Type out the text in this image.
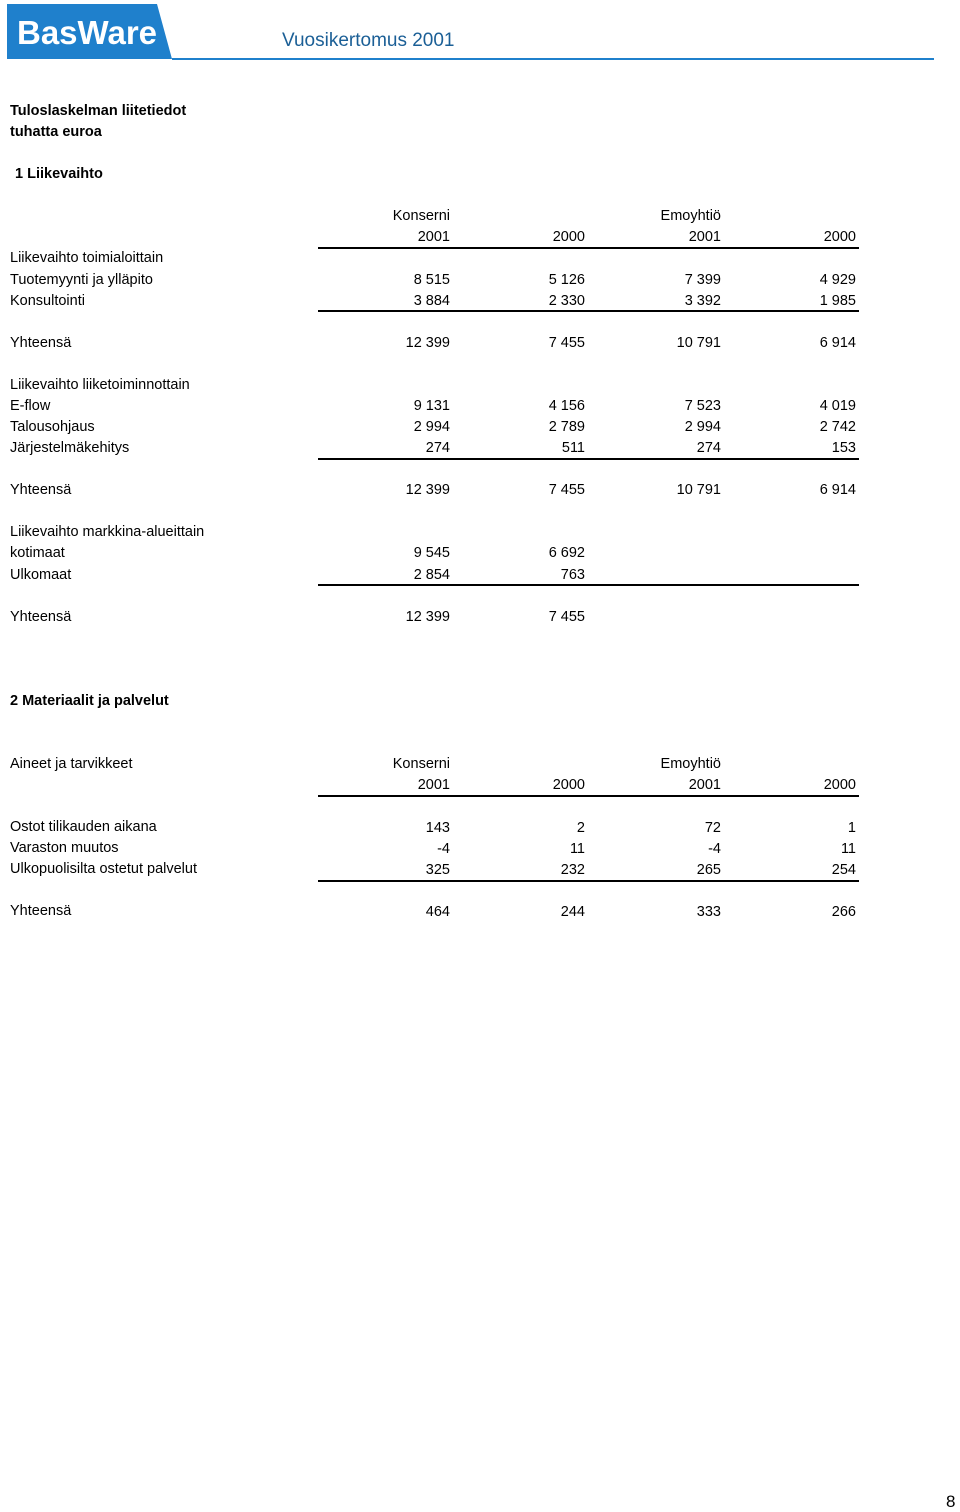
BasWare	Vuosikertomus 2001
Tuloslaskelman liitetiedot
tuhatta euroa
1 Liikevaihto
Konserni	Emoyhtiö
2001	2000	2001	2000
Liikevaihto toimialoittain
Tuotemyynti ja ylläpito	8 515	5 126	7 399	4 929
Konsultointi	3 884	2 330	3 392	1 985
Yhteensä	12 399	7 455	10 791	6 914
Liikevaihto liiketoiminnottain
E-flow	9 131	4 156	7 523	4 019
Talousohjaus	2 994	2 789	2 994	2 742
Järjestelmäkehitys	274	511	274	153
Yhteensä	12 399	7 455	10 791	6 914
Liikevaihto markkina-alueittain
kotimaat	9 545	6 692
Ulkomaat	2 854	763
Yhteensä	12 399	7 455
2 Materiaalit ja palvelut
Aineet ja tarvikkeet	Konserni	Emoyhtiö
2001	2000	2001	2000
Ostot tilikauden aikana	143	2	72	1
Varaston muutos	-4	11	-4	11
Ulkopuolisilta ostetut palvelut	325	232	265	254
Yhteensä	464	244	333	266
8
